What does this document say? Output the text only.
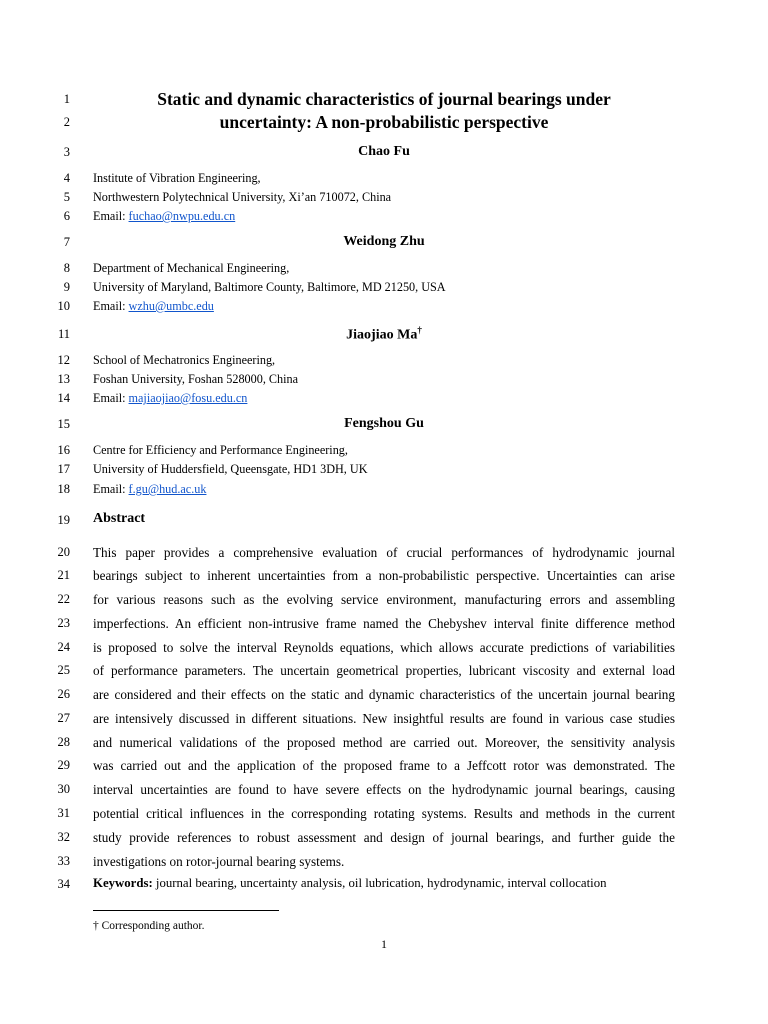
1
2
3
4
5
6
7
8
9
10
11
12
13
14
15
16
17
18
19
20
21
22
23
24
25
26
27
28
29
30
31
32
33
34
Static and dynamic characteristics of journal bearings under
uncertainty: A non-probabilistic perspective
Chao Fu
Institute of Vibration Engineering,
Northwestern Polytechnical University, Xi’an 710072, China
Email: fuchao@nwpu.edu.cn
Weidong Zhu
Department of Mechanical Engineering,
University of Maryland, Baltimore County, Baltimore, MD 21250, USA
Email: wzhu@umbc.edu
Jiaojiao Ma†
School of Mechatronics Engineering,
Foshan University, Foshan 528000, China
Email: majiaojiao@fosu.edu.cn
Fengshou Gu
Centre for Efficiency and Performance Engineering,
University of Huddersfield, Queensgate, HD1 3DH, UK
Email: f.gu@hud.ac.uk
Abstract
This paper provides a comprehensive evaluation of crucial performances of hydrodynamic journal
bearings subject to inherent uncertainties from a non-probabilistic perspective. Uncertainties can arise
for various reasons such as the evolving service environment, manufacturing errors and assembling
imperfections. An efficient non-intrusive frame named the Chebyshev interval finite difference method
is proposed to solve the interval Reynolds equations, which allows accurate predictions of variabilities
of performance parameters. The uncertain geometrical properties, lubricant viscosity and external load
are considered and their effects on the static and dynamic characteristics of the uncertain journal bearing
are intensively discussed in different situations. New insightful results are found in various case studies
and numerical validations of the proposed method are carried out. Moreover, the sensitivity analysis
was carried out and the application of the proposed frame to a Jeffcott rotor was demonstrated. The
interval uncertainties are found to have severe effects on the hydrodynamic journal bearings, causing
potential critical influences in the corresponding rotating systems. Results and methods in the current
study provide references to robust assessment and design of journal bearings, and further guide the
investigations on rotor-journal bearing systems.
Keywords: journal bearing, uncertainty analysis, oil lubrication, hydrodynamic, interval collocation
† Corresponding author.
1
